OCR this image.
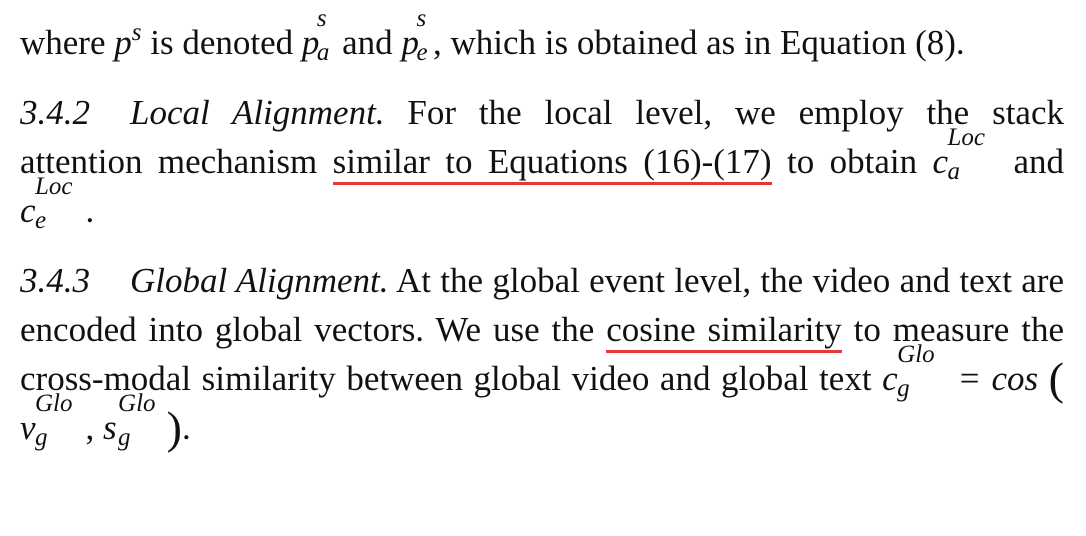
where $p^s$ is denoted p
s
a and p
s
e , which is obtained as in Equation (8).

3.4.2 Local Alignment. For the local level, we employ the stack attention mechanism similar to Equations (16)-(17) to obtain c
Loc
a and c
Loc
e .

3.4.3 Global Alignment. At the global event level, the video and text are encoded into global vectors. We use the cosine similarity to measure the cross-modal similarity between global video and global text c
Glo
g = cos (v
Glo
g , s
Glo
g ).
